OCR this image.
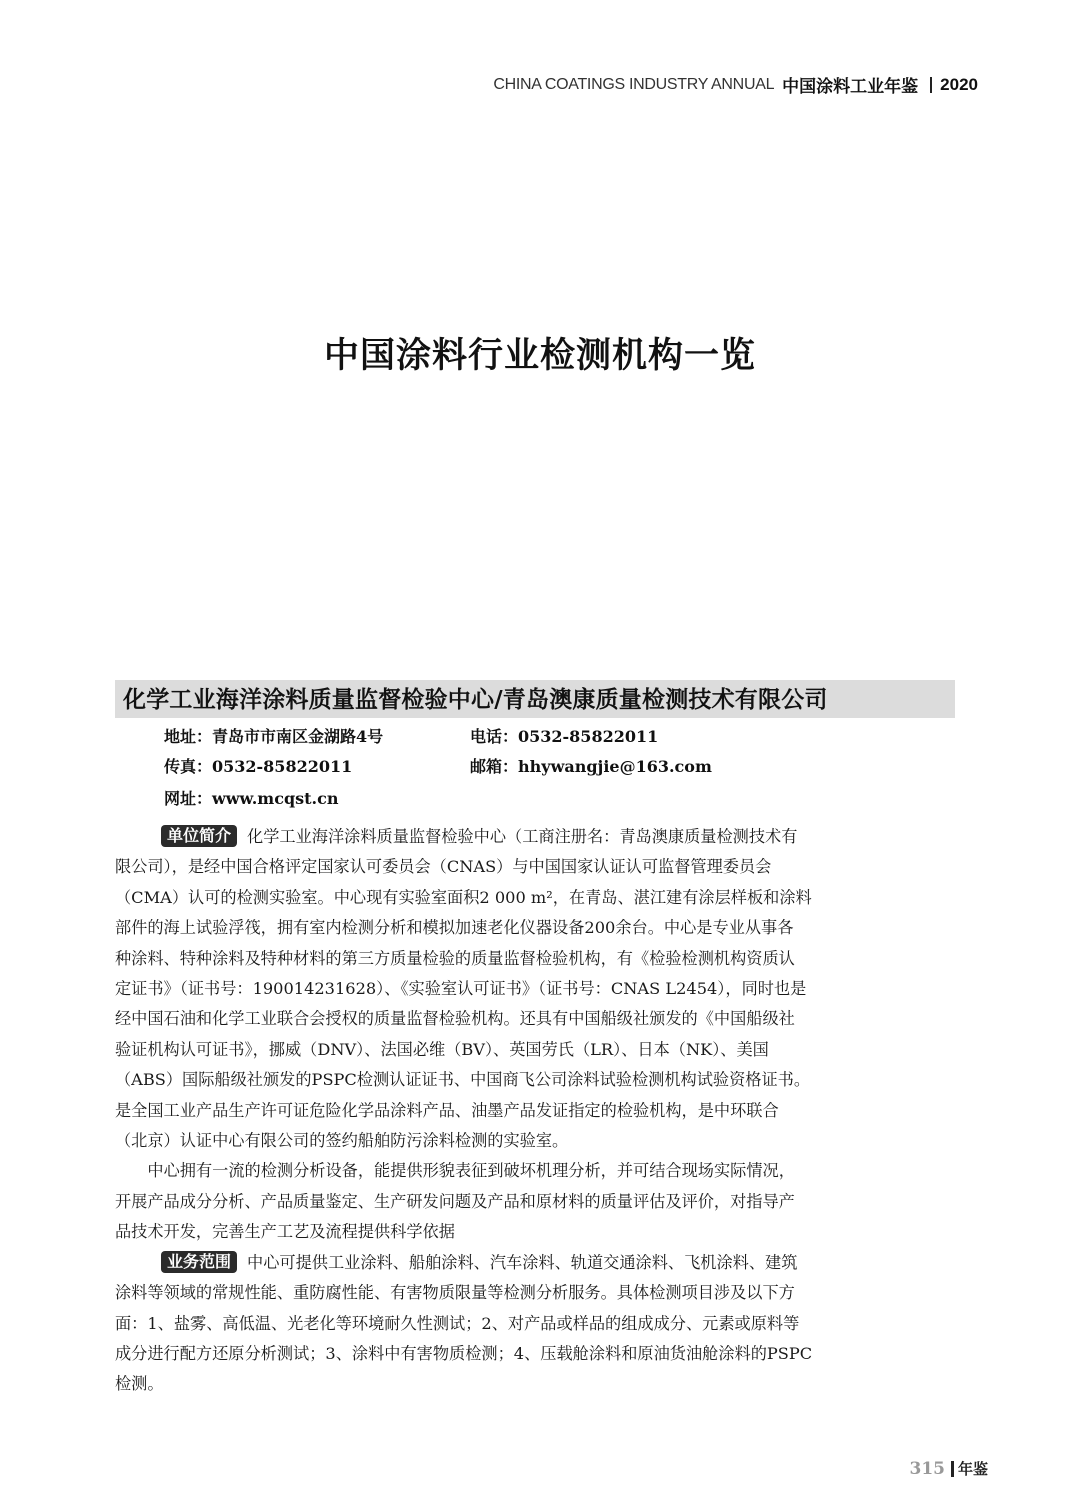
CHINA COATINGS INDUSTRY ANNUAL 中国涂料工业年鉴 2020
中国涂料行业检测机构一览
化学工业海洋涂料质量监督检验中心/青岛澳康质量检测技术有限公司
地址：青岛市市南区金湖路4号	电话：0532-85822011
传真：0532-85822011	邮箱：hhywangjie@163.com
网址：www.mcqst.cn

单位简介 化学工业海洋涂料质量监督检验中心（工商注册名：青岛澳康质量检测技术有

限公司），是经中国合格评定国家认可委员会（CNAS）与中国国家认证认可监督管理委员会

（CMA）认可的检测实验室。中心现有实验室面积2 000 m²，在青岛、湛江建有涂层样板和涂料

部件的海上试验浮筏，拥有室内检测分析和模拟加速老化仪器设备200余台。中心是专业从事各

种涂料、特种涂料及特种材料的第三方质量检验的质量监督检验机构，有《检验检测机构资质认

定证书》（证书号：190014231628）、《实验室认可证书》（证书号：CNAS L2454），同时也是

经中国石油和化学工业联合会授权的质量监督检验机构。还具有中国船级社颁发的《中国船级社

验证机构认可证书》，挪威（DNV）、法国必维（BV）、英国劳氏（LR）、日本（NK）、美国

（ABS）国际船级社颁发的PSPC检测认证证书、中国商飞公司涂料试验检测机构试验资格证书。

是全国工业产品生产许可证危险化学品涂料产品、油墨产品发证指定的检验机构，是中环联合

（北京）认证中心有限公司的签约船舶防污涂料检测的实验室。

中心拥有一流的检测分析设备，能提供形貌表征到破坏机理分析，并可结合现场实际情况，

开展产品成分分析、产品质量鉴定、生产研发问题及产品和原材料的质量评估及评价，对指导产

品技术开发，完善生产工艺及流程提供科学依据

业务范围 中心可提供工业涂料、船舶涂料、汽车涂料、轨道交通涂料、飞机涂料、建筑

涂料等领域的常规性能、重防腐性能、有害物质限量等检测分析服务。具体检测项目涉及以下方

面：1、盐雾、高低温、光老化等环境耐久性测试；2、对产品或样品的组成成分、元素或原料等

成分进行配方还原分析测试；3、涂料中有害物质检测；4、压载舱涂料和原油货油舱涂料的PSPC

检测。

315 年鉴
